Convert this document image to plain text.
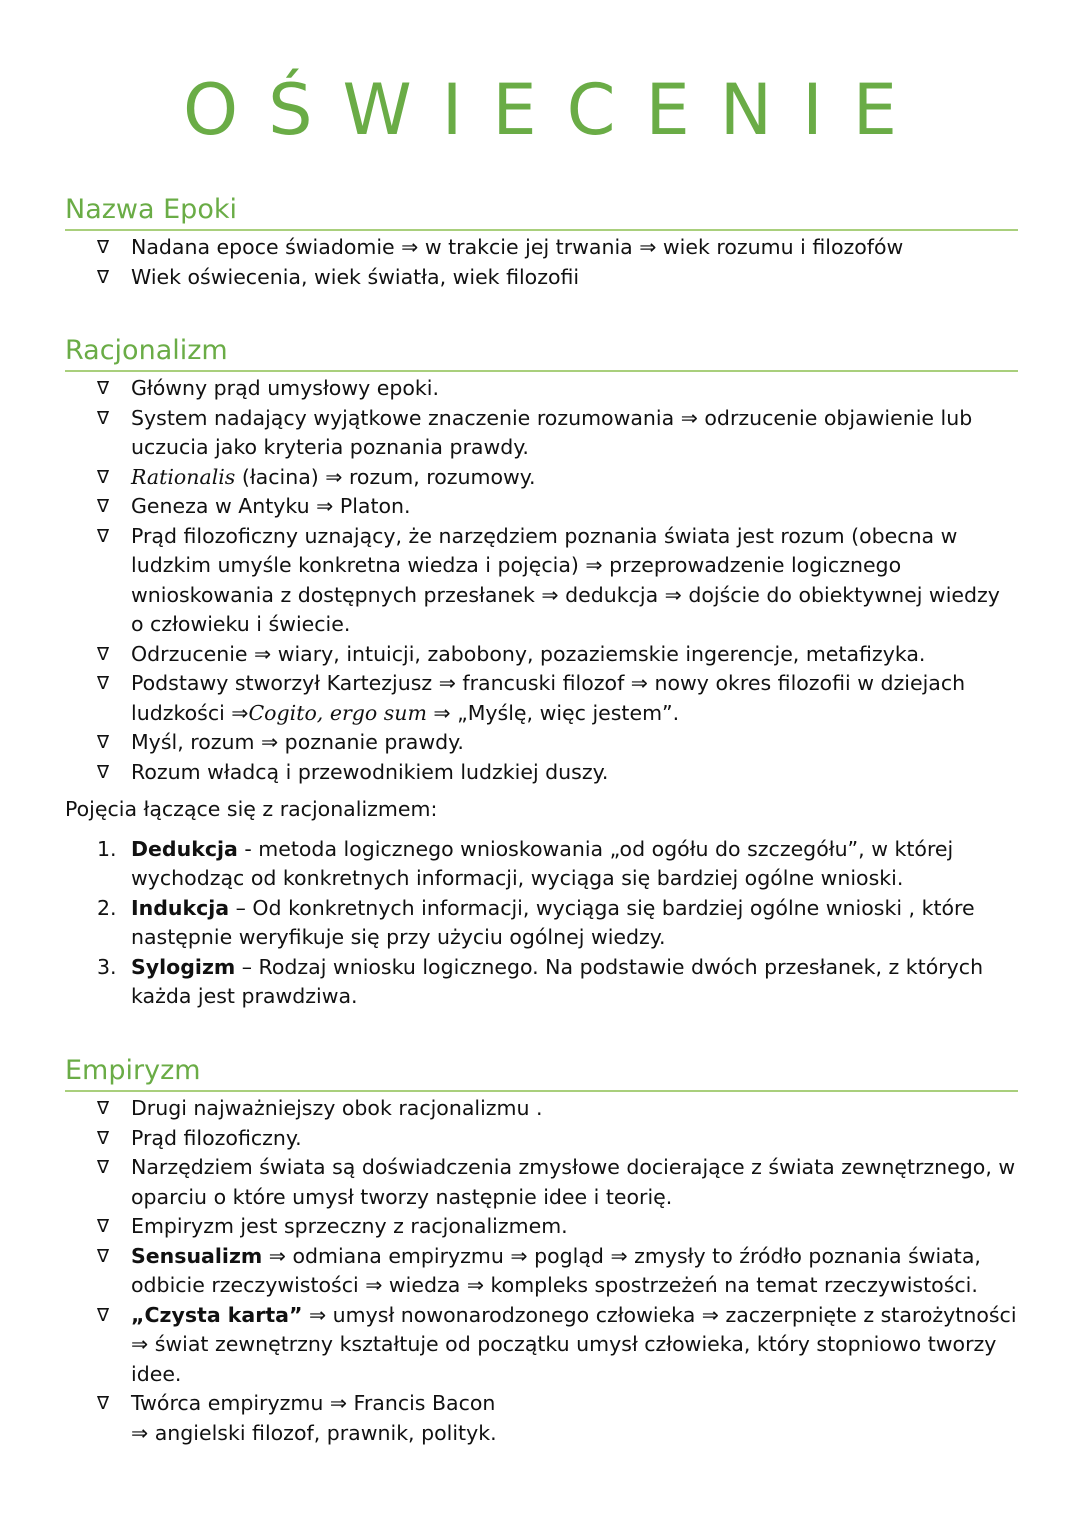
OŚWIECENIE
Nazwa Epoki
∇ Nadana epoce świadomie ⇒ w trakcie jej trwania ⇒ wiek rozumu i filozofów
∇ Wiek oświecenia, wiek światła, wiek filozofii
Racjonalizm
∇ Główny prąd umysłowy epoki.
∇ System nadający wyjątkowe znaczenie rozumowania ⇒ odrzucenie objawienie lub uczucia jako kryteria poznania prawdy.
∇ Rationalis (łacina) ⇒ rozum, rozumowy.
∇ Geneza w Antyku ⇒ Platon.
∇ Prąd filozoficzny uznający, że narzędziem poznania świata jest rozum (obecna w ludzkim umyśle konkretna wiedza i pojęcia) ⇒ przeprowadzenie logicznego wnioskowania z dostępnych przesłanek ⇒ dedukcja ⇒ dojście do obiektywnej wiedzy o człowieku i świecie.
∇ Odrzucenie ⇒ wiary, intuicji, zabobony, pozaziemskie ingerencje, metafizyka.
∇ Podstawy stworzył Kartezjusz ⇒ francuski filozof ⇒ nowy okres filozofii w dziejach ludzkości ⇒Cogito, ergo sum ⇒ „Myślę, więc jestem”.
∇ Myśl, rozum ⇒ poznanie prawdy.
∇ Rozum władcą i przewodnikiem ludzkiej duszy.

Pojęcia łączące się z racjonalizmem:

1. Dedukcja - metoda logicznego wnioskowania „od ogółu do szczegółu”, w której wychodząc od konkretnych informacji, wyciąga się bardziej ogólne wnioski.
2. Indukcja – Od konkretnych informacji, wyciąga się bardziej ogólne wnioski , które następnie weryfikuje się przy użyciu ogólnej wiedzy.
3. Sylogizm – Rodzaj wniosku logicznego. Na podstawie dwóch przesłanek, z których każda jest prawdziwa.
Empiryzm
∇ Drugi najważniejszy obok racjonalizmu .
∇ Prąd filozoficzny.
∇ Narzędziem świata są doświadczenia zmysłowe docierające z świata zewnętrznego, w oparciu o które umysł tworzy następnie idee i teorię.
∇ Empiryzm jest sprzeczny z racjonalizmem.
∇ Sensualizm ⇒ odmiana empiryzmu ⇒ pogląd ⇒ zmysły to źródło poznania świata, odbicie rzeczywistości ⇒ wiedza ⇒ kompleks spostrzeżeń na temat rzeczywistości.
∇ „Czysta karta” ⇒ umysł nowonarodzonego człowieka ⇒ zaczerpnięte z starożytności ⇒ świat zewnętrzny kształtuje od początku umysł człowieka, który stopniowo tworzy idee.
∇ Twórca empiryzmu ⇒ Francis Bacon
⇒ angielski filozof, prawnik, polityk.
